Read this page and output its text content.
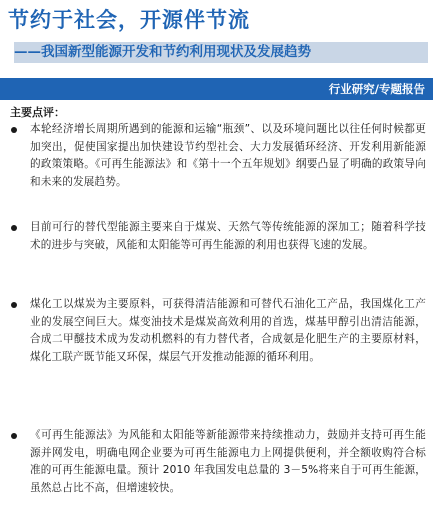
节约于社会，开源伴节流
——我国新型能源开发和节约利用现状及发展趋势
行业研究/专题报告
主要点评：

本轮经济增长周期所遇到的能源和运输“瓶颈”、以及环境问题比以往任何时候都更加突出，促使国家提出加快建设节约型社会、大力发展循环经济、开发利用新能源的政策策略。《可再生能源法》和《第十一个五年规划》纲要凸显了明确的政策导向和未来的发展趋势。

目前可行的替代型能源主要来自于煤炭、天然气等传统能源的深加工；随着科学技术的进步与突破，风能和太阳能等可再生能源的利用也获得飞速的发展。

煤化工以煤炭为主要原料，可获得清洁能源和可替代石油化工产品，我国煤化工产业的发展空间巨大。煤变油技术是煤炭高效利用的首选，煤基甲醇引出清洁能源，合成二甲醚技术成为发动机燃料的有力替代者，合成氨是化肥生产的主要原材料，煤化工联产既节能又环保，煤层气开发推动能源的循环利用。

《可再生能源法》为风能和太阳能等新能源带来持续推动力，鼓励并支持可再生能源并网发电，明确电网企业要为可再生能源电力上网提供便利，并全额收购符合标准的可再生能源电量。预计 2010 年我国发电总量的 3－5%将来自于可再生能源，虽然总占比不高，但增速较快。
